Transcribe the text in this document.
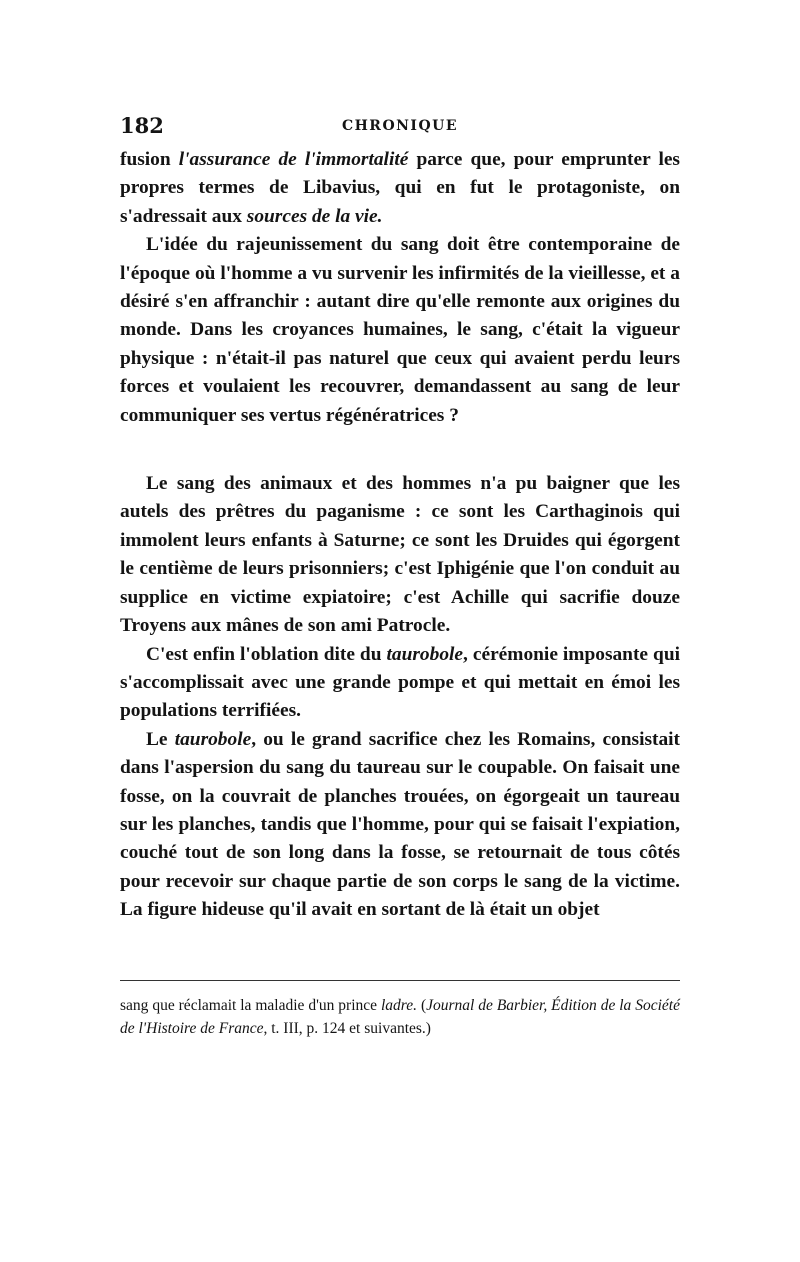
182	CHRONIQUE

fusion l'assurance de l'immortalité parce que, pour emprunter les propres termes de Libavius, qui en fut le protagoniste, on s'adressait aux sources de la vie.

L'idée du rajeunissement du sang doit être contemporaine de l'époque où l'homme a vu survenir les infirmités de la vieillesse, et a désiré s'en affranchir : autant dire qu'elle remonte aux origines du monde. Dans les croyances humaines, le sang, c'était la vigueur physique : n'était-il pas naturel que ceux qui avaient perdu leurs forces et voulaient les recouvrer, demandassent au sang de leur communiquer ses vertus régénératrices ?

Le sang des animaux et des hommes n'a pu baigner que les autels des prêtres du paganisme : ce sont les Carthaginois qui immolent leurs enfants à Saturne; ce sont les Druides qui égorgent le centième de leurs prisonniers; c'est Iphigénie que l'on conduit au supplice en victime expiatoire; c'est Achille qui sacrifie douze Troyens aux mânes de son ami Patrocle.

C'est enfin l'oblation dite du taurobole, cérémonie imposante qui s'accomplissait avec une grande pompe et qui mettait en émoi les populations terrifiées.

Le taurobole, ou le grand sacrifice chez les Romains, consistait dans l'aspersion du sang du taureau sur le coupable. On faisait une fosse, on la couvrait de planches trouées, on égorgeait un taureau sur les planches, tandis que l'homme, pour qui se faisait l'expiation, couché tout de son long dans la fosse, se retournait de tous côtés pour recevoir sur chaque partie de son corps le sang de la victime. La figure hideuse qu'il avait en sortant de là était un objet

sang que réclamait la maladie d'un prince ladre. (Journal de Barbier, Édition de la Société de l'Histoire de France, t. III, p. 124 et suivantes.)
